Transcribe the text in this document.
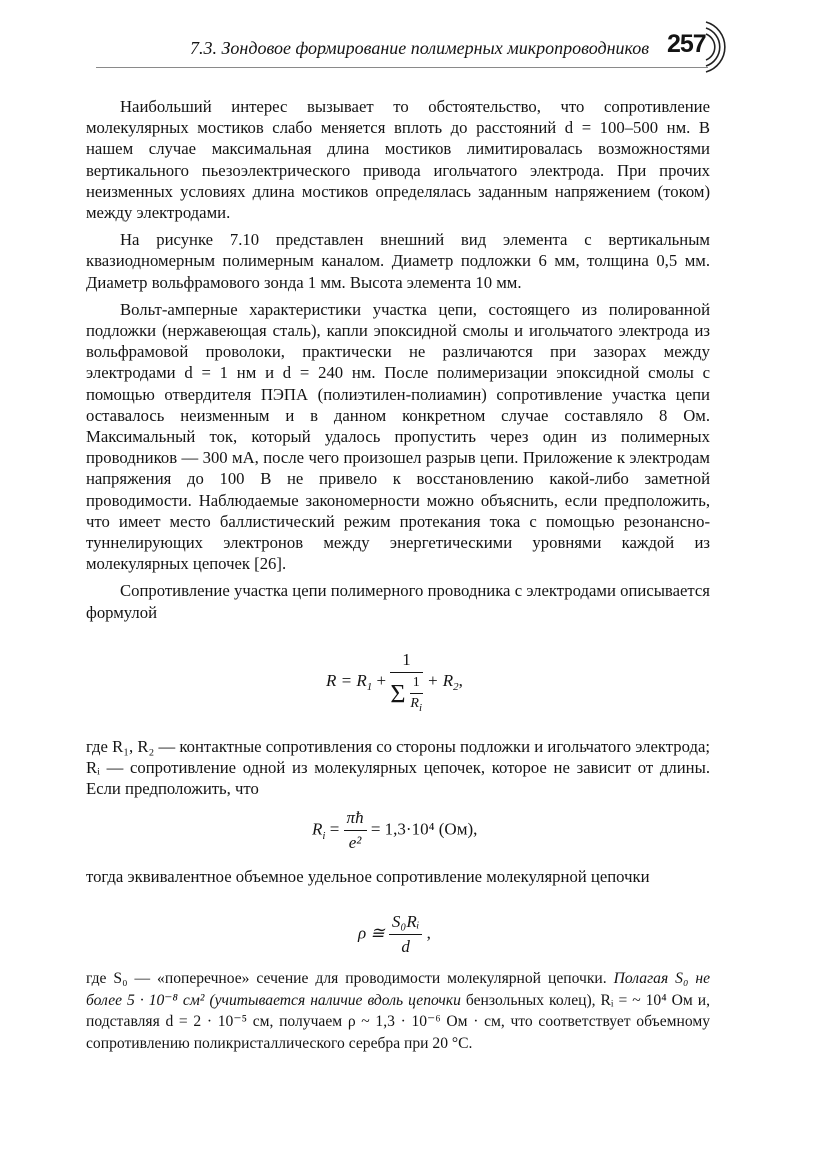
7.3. Зондовое формирование полимерных микропроводников 257

Наибольший интерес вызывает то обстоятельство, что сопротивление молекулярных мостиков слабо меняется вплоть до расстояний d = 100–500 нм. В нашем случае максимальная длина мостиков лимитировалась возможностями вертикального пьезоэлектрического привода игольчатого электрода. При прочих неизменных условиях длина мостиков определялась заданным напряжением (током) между электродами.

На рисунке 7.10 представлен внешний вид элемента с вертикальным квазиодномерным полимерным каналом. Диаметр подложки 6 мм, толщина 0,5 мм. Диаметр вольфрамового зонда 1 мм. Высота элемента 10 мм.

Вольт-амперные характеристики участка цепи, состоящего из полированной подложки (нержавеющая сталь), капли эпоксидной смолы и игольчатого электрода из вольфрамовой проволоки, практически не различаются при зазорах между электродами d = 1 нм и d = 240 нм. После полимеризации эпоксидной смолы с помощью отвердителя ПЭПА (полиэтилен-полиамин) сопротивление участка цепи оставалось неизменным и в данном конкретном случае составляло 8 Ом. Максимальный ток, который удалось пропустить через один из полимерных проводников — 300 мА, после чего произошел разрыв цепи. Приложение к электродам напряжения до 100 В не привело к восстановлению какой-либо заметной проводимости. Наблюдаемые закономерности можно объяснить, если предположить, что имеет место баллистический режим протекания тока с помощью резонансно-туннелирующих электронов между энергетическими уровнями каждой из молекулярных цепочек [26].

Сопротивление участка цепи полимерного проводника с электродами описывается формулой

$R = R_1 + \frac{1}{\Sigma \frac{1}{R_i}} + R_2$,

где R₁, R₂ — контактные сопротивления со стороны подложки и игольчатого электрода; Rᵢ — сопротивление одной из молекулярных цепочек, которое не зависит от длины. Если предположить, что

$R_i = \frac{\pi ħ}{\text{e²}} = 1,3\cdot 10^4$ (Ом),

тогда эквивалентное объемное удельное сопротивление молекулярной цепочки

ρ ≅ $\frac{\text{S₀Rᵢ}}{d}$ ,

где S₀ — «поперечное» сечение для проводимости молекулярной цепочки. Полагая S₀ не более 5 · 10⁻⁸ см² (учитывается наличие вдоль цепочки бензольных колец), Rᵢ = ~ 10⁴ Ом и, подставляя d = 2 · 10⁻⁵ см, получаем ρ ~ 1,3 · 10⁻⁶ Ом · см, что соответствует объемному сопротивлению поликристаллического серебра при 20 °С.
